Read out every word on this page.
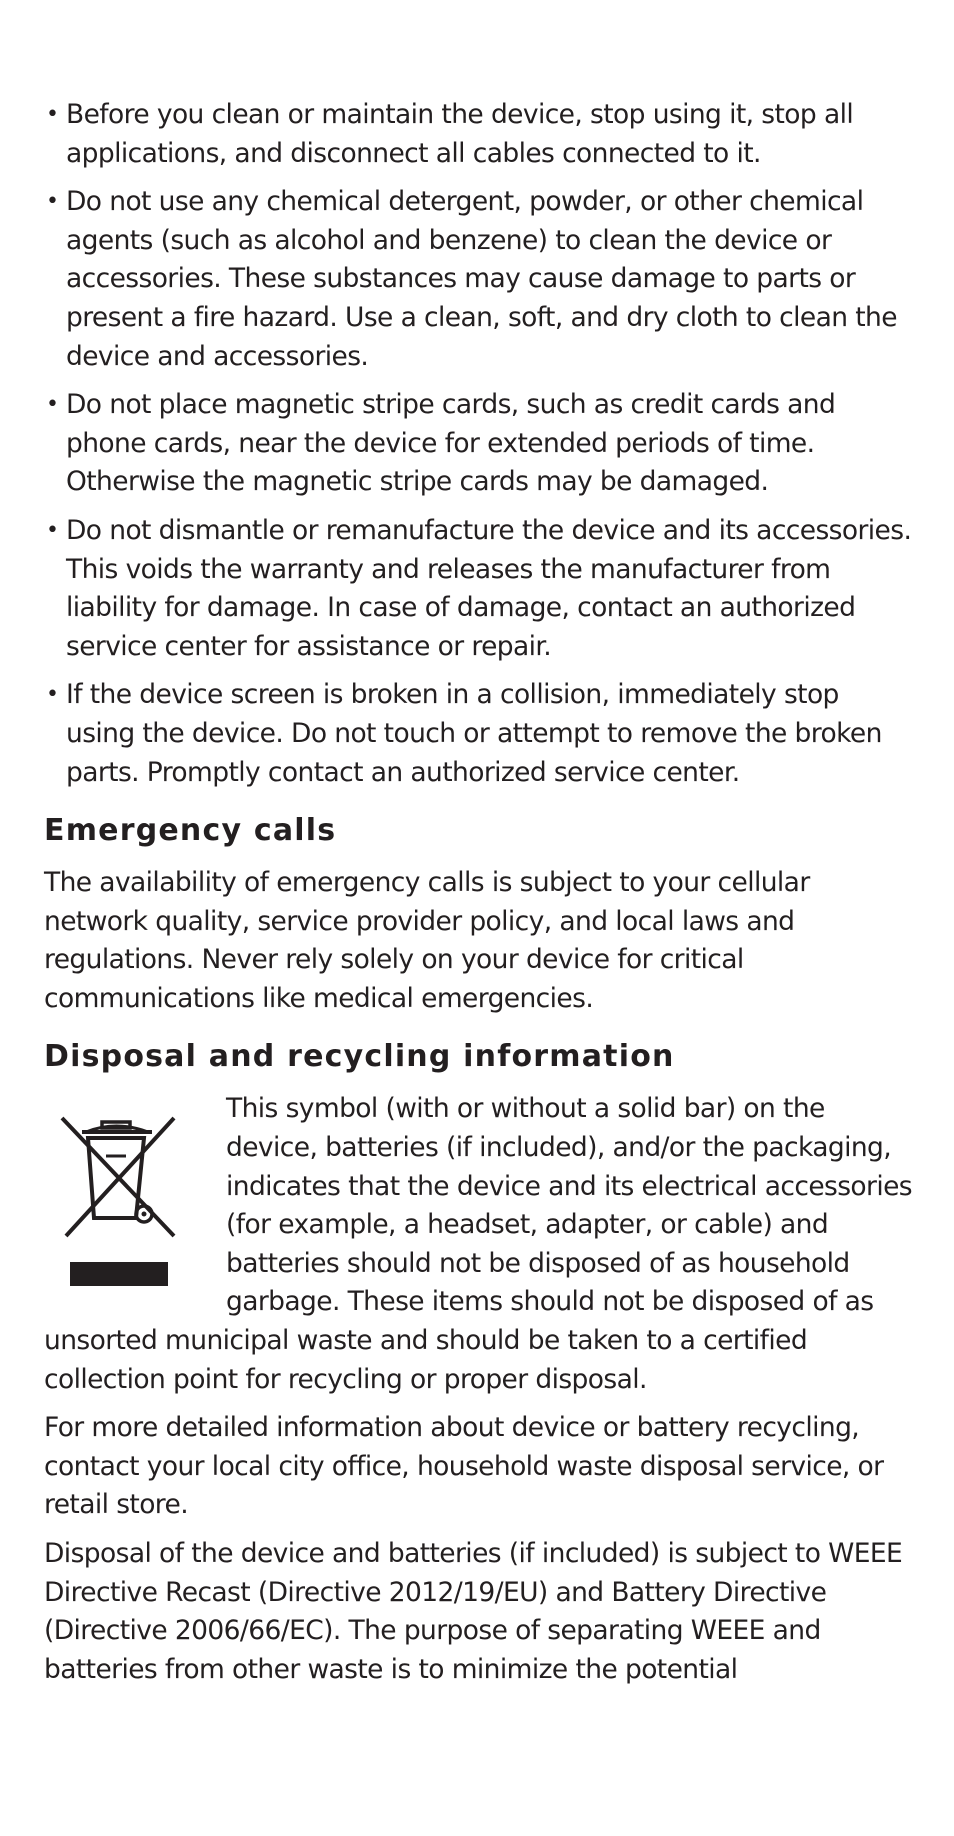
• Before you clean or maintain the device, stop using it, stop all applications, and disconnect all cables connected to it.
• Do not use any chemical detergent, powder, or other chemical agents (such as alcohol and benzene) to clean the device or accessories. These substances may cause damage to parts or present a fire hazard. Use a clean, soft, and dry cloth to clean the device and accessories.
• Do not place magnetic stripe cards, such as credit cards and phone cards, near the device for extended periods of time. Otherwise the magnetic stripe cards may be damaged.
• Do not dismantle or remanufacture the device and its accessories. This voids the warranty and releases the manufacturer from liability for damage. In case of damage, contact an authorized service center for assistance or repair.
• If the device screen is broken in a collision, immediately stop using the device. Do not touch or attempt to remove the broken parts. Promptly contact an authorized service center.
Emergency calls

The availability of emergency calls is subject to your cellular network quality, service provider policy, and local laws and regulations. Never rely solely on your device for critical communications like medical emergencies.

Disposal and recycling information

This symbol (with or without a solid bar) on the device, batteries (if included), and/or the packaging, indicates that the device and its electrical accessories (for example, a headset, adapter, or cable) and batteries should not be disposed of as household garbage. These items should not be disposed of as unsorted municipal waste and should be taken to a certified collection point for recycling or proper disposal.

For more detailed information about device or battery recycling, contact your local city office, household waste disposal service, or retail store.

Disposal of the device and batteries (if included) is subject to WEEE Directive Recast (Directive 2012/19/EU) and Battery Directive (Directive 2006/66/EC). The purpose of separating WEEE and batteries from other waste is to minimize the potential
